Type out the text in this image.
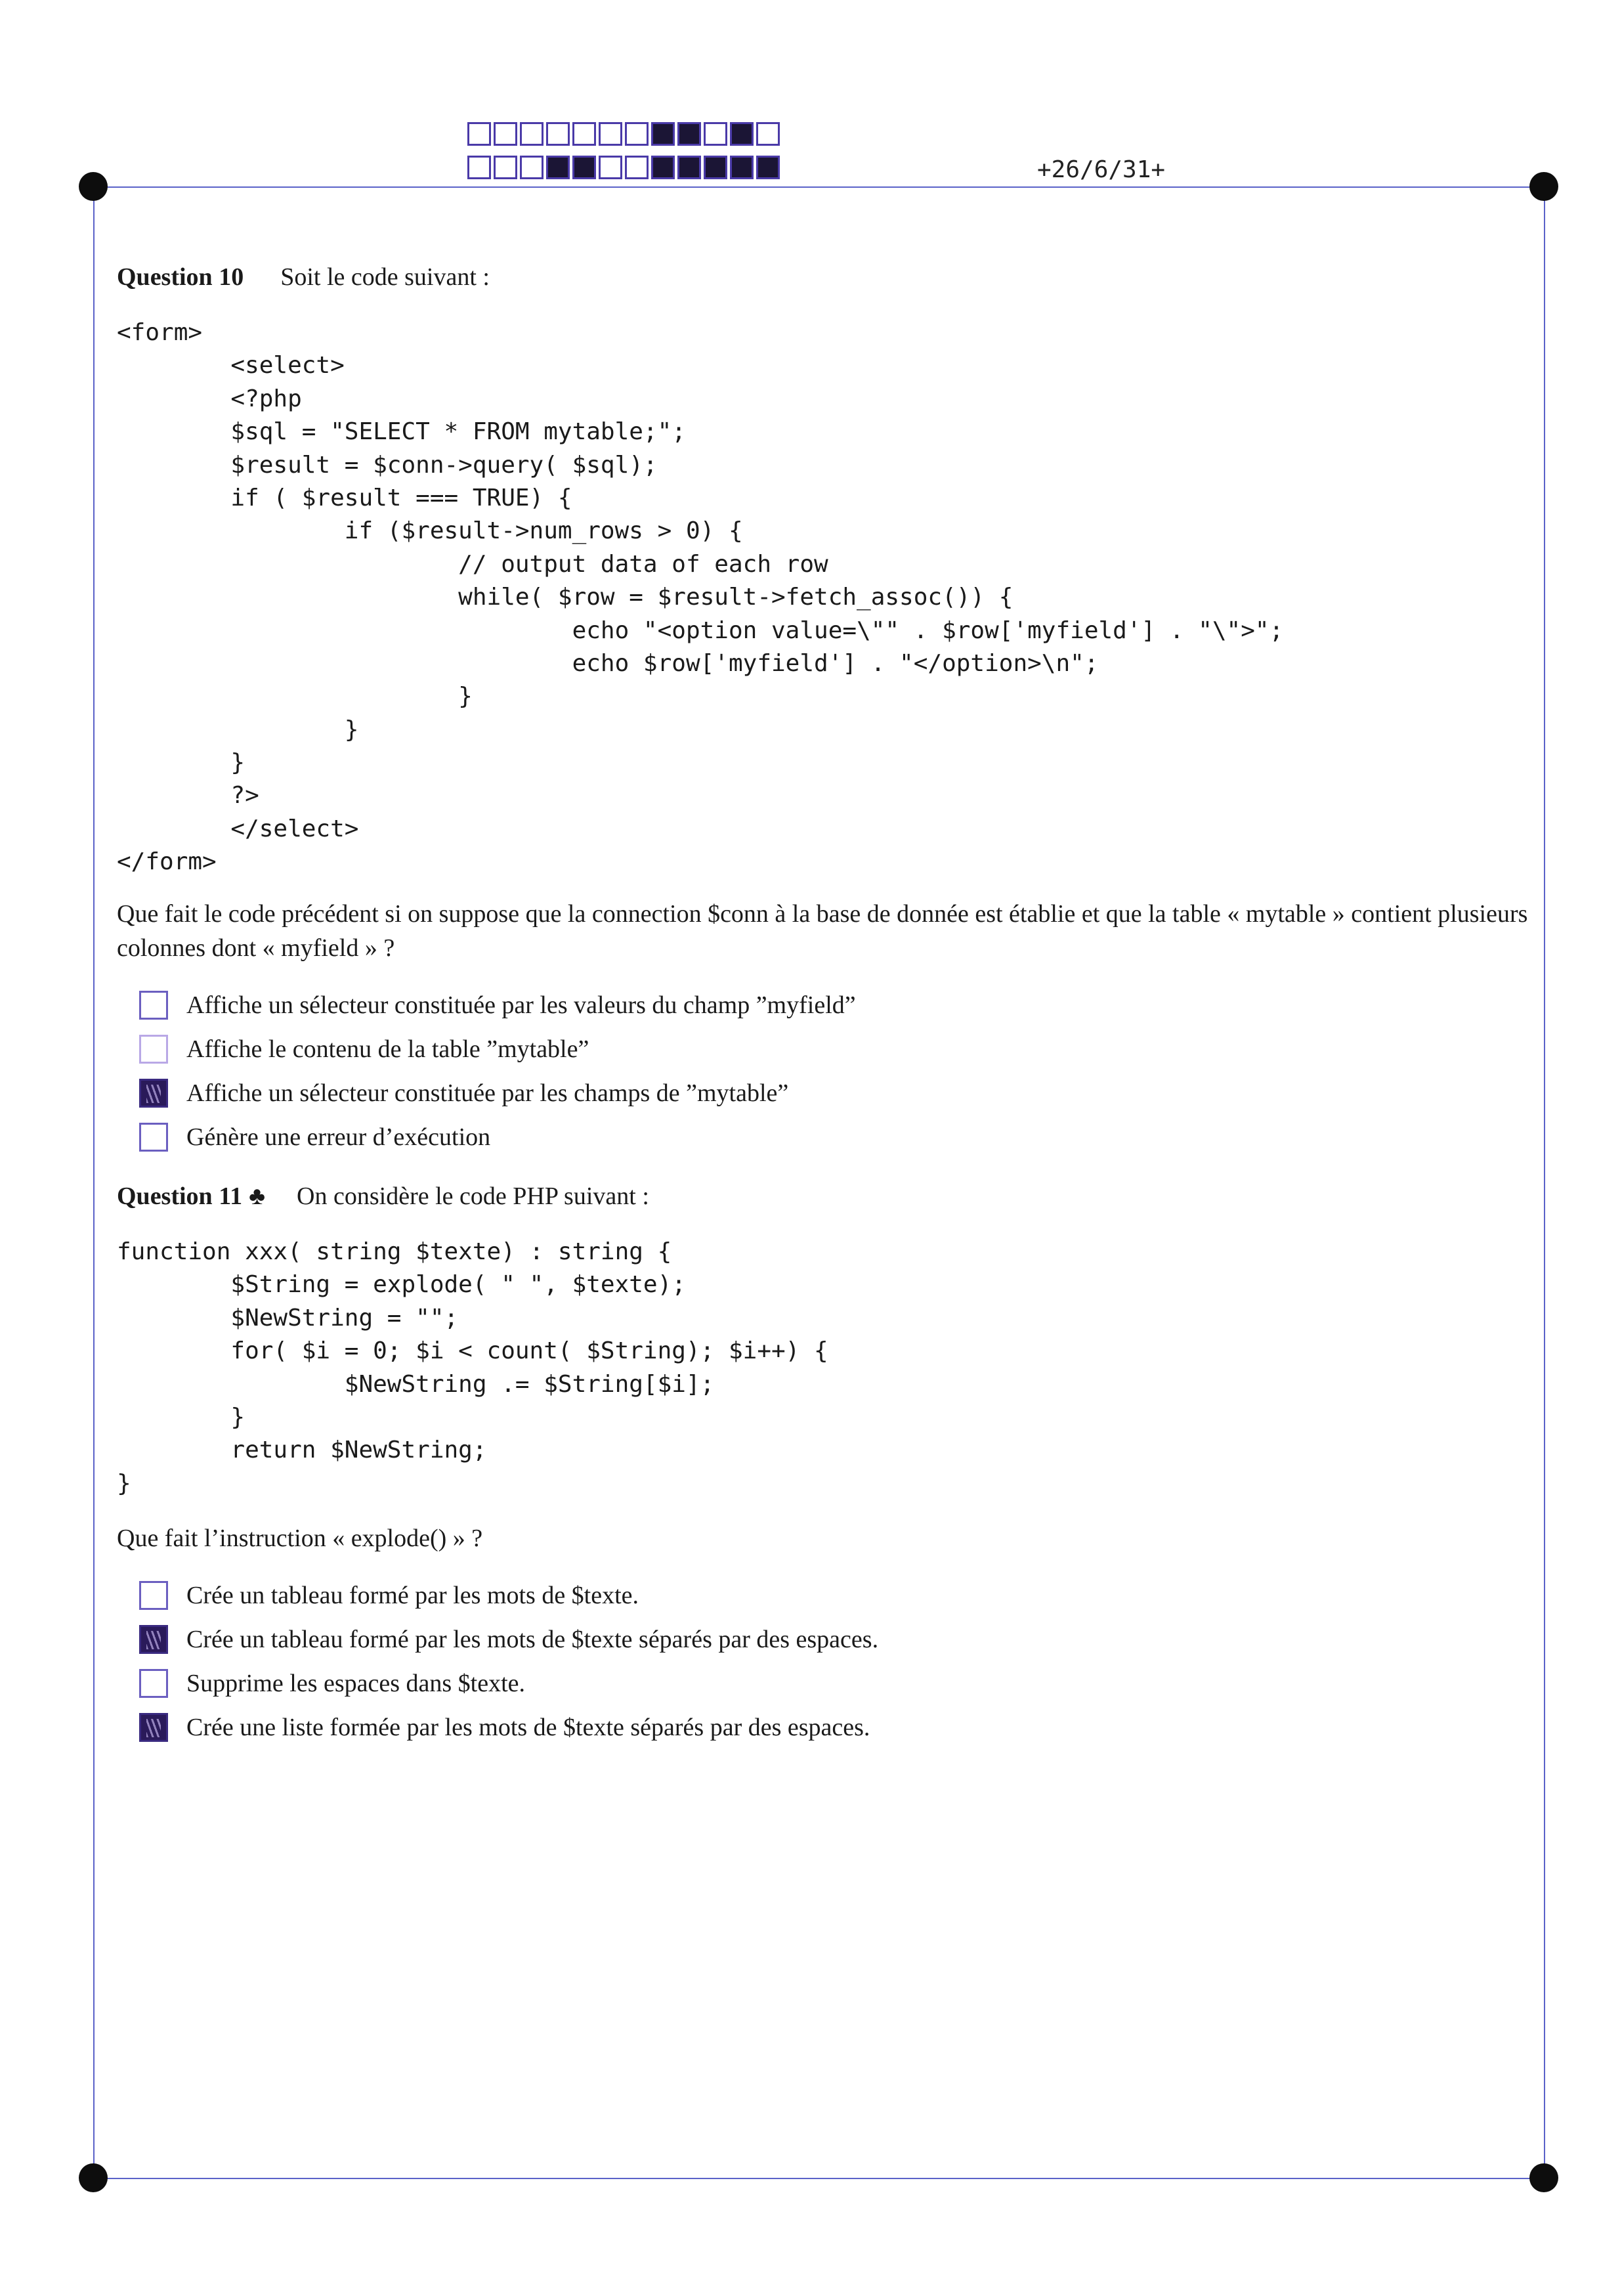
+26/6/31+
Question 10 Soit le code suivant :
<form>
<select>
<?php
$sql = "SELECT * FROM mytable;";
$result = $conn->query( $sql);
if ( $result === TRUE) {
if ($result->num_rows > 0) {
// output data of each row
while( $row = $result->fetch_assoc()) {
echo "<option value=\"" . $row['myfield'] . "\">";
echo $row['myfield'] . "</option>\n";
}
}
}
?>
</select>
</form>
Que fait le code précédent si on suppose que la connection $conn à la base de donnée est établie et que la table « mytable » contient plusieurs colonnes dont « myfield » ?
Affiche un sélecteur constituée par les valeurs du champ ”myfield”
Affiche le contenu de la table ”mytable”
Affiche un sélecteur constituée par les champs de ”mytable”
Génère une erreur d’exécution
Question 11 ♣ On considère le code PHP suivant :
function xxx( string $texte) : string {
$String = explode( " ", $texte);
$NewString = "";
for( $i = 0; $i < count( $String); $i++) {
$NewString .= $String[$i];
}
return $NewString;
}
Que fait l’instruction « explode() » ?
Crée un tableau formé par les mots de $texte.
Crée un tableau formé par les mots de $texte séparés par des espaces.
Supprime les espaces dans $texte.
Crée une liste formée par les mots de $texte séparés par des espaces.
